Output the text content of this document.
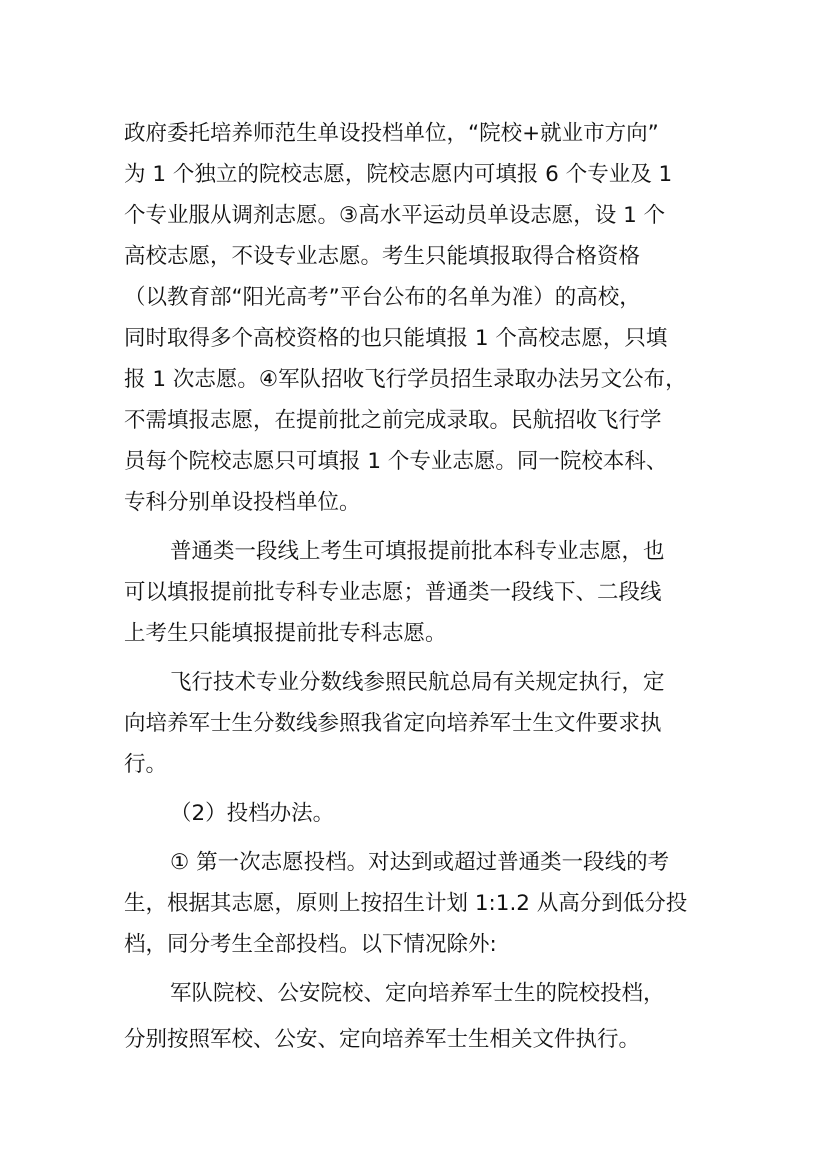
政府委托培养师范生单设投档单位，“院校+就业市方向”
为 1 个独立的院校志愿，院校志愿内可填报 6 个专业及 1
个专业服从调剂志愿。③高水平运动员单设志愿，设 1 个
高校志愿，不设专业志愿。考生只能填报取得合格资格
（以教育部“阳光高考”平台公布的名单为准）的高校，
同时取得多个高校资格的也只能填报 1 个高校志愿，只填
报 1 次志愿。④军队招收飞行学员招生录取办法另文公布，
不需填报志愿，在提前批之前完成录取。民航招收飞行学
员每个院校志愿只可填报 1 个专业志愿。同一院校本科、
专科分别单设投档单位。
普通类一段线上考生可填报提前批本科专业志愿，也
可以填报提前批专科专业志愿；普通类一段线下、二段线
上考生只能填报提前批专科志愿。
飞行技术专业分数线参照民航总局有关规定执行，定
向培养军士生分数线参照我省定向培养军士生文件要求执
行。
（2）投档办法。
① 第一次志愿投档。对达到或超过普通类一段线的考
生，根据其志愿，原则上按招生计划 1:1.2 从高分到低分投
档，同分考生全部投档。以下情况除外:
军队院校、公安院校、定向培养军士生的院校投档，
分别按照军校、公安、定向培养军士生相关文件执行。
